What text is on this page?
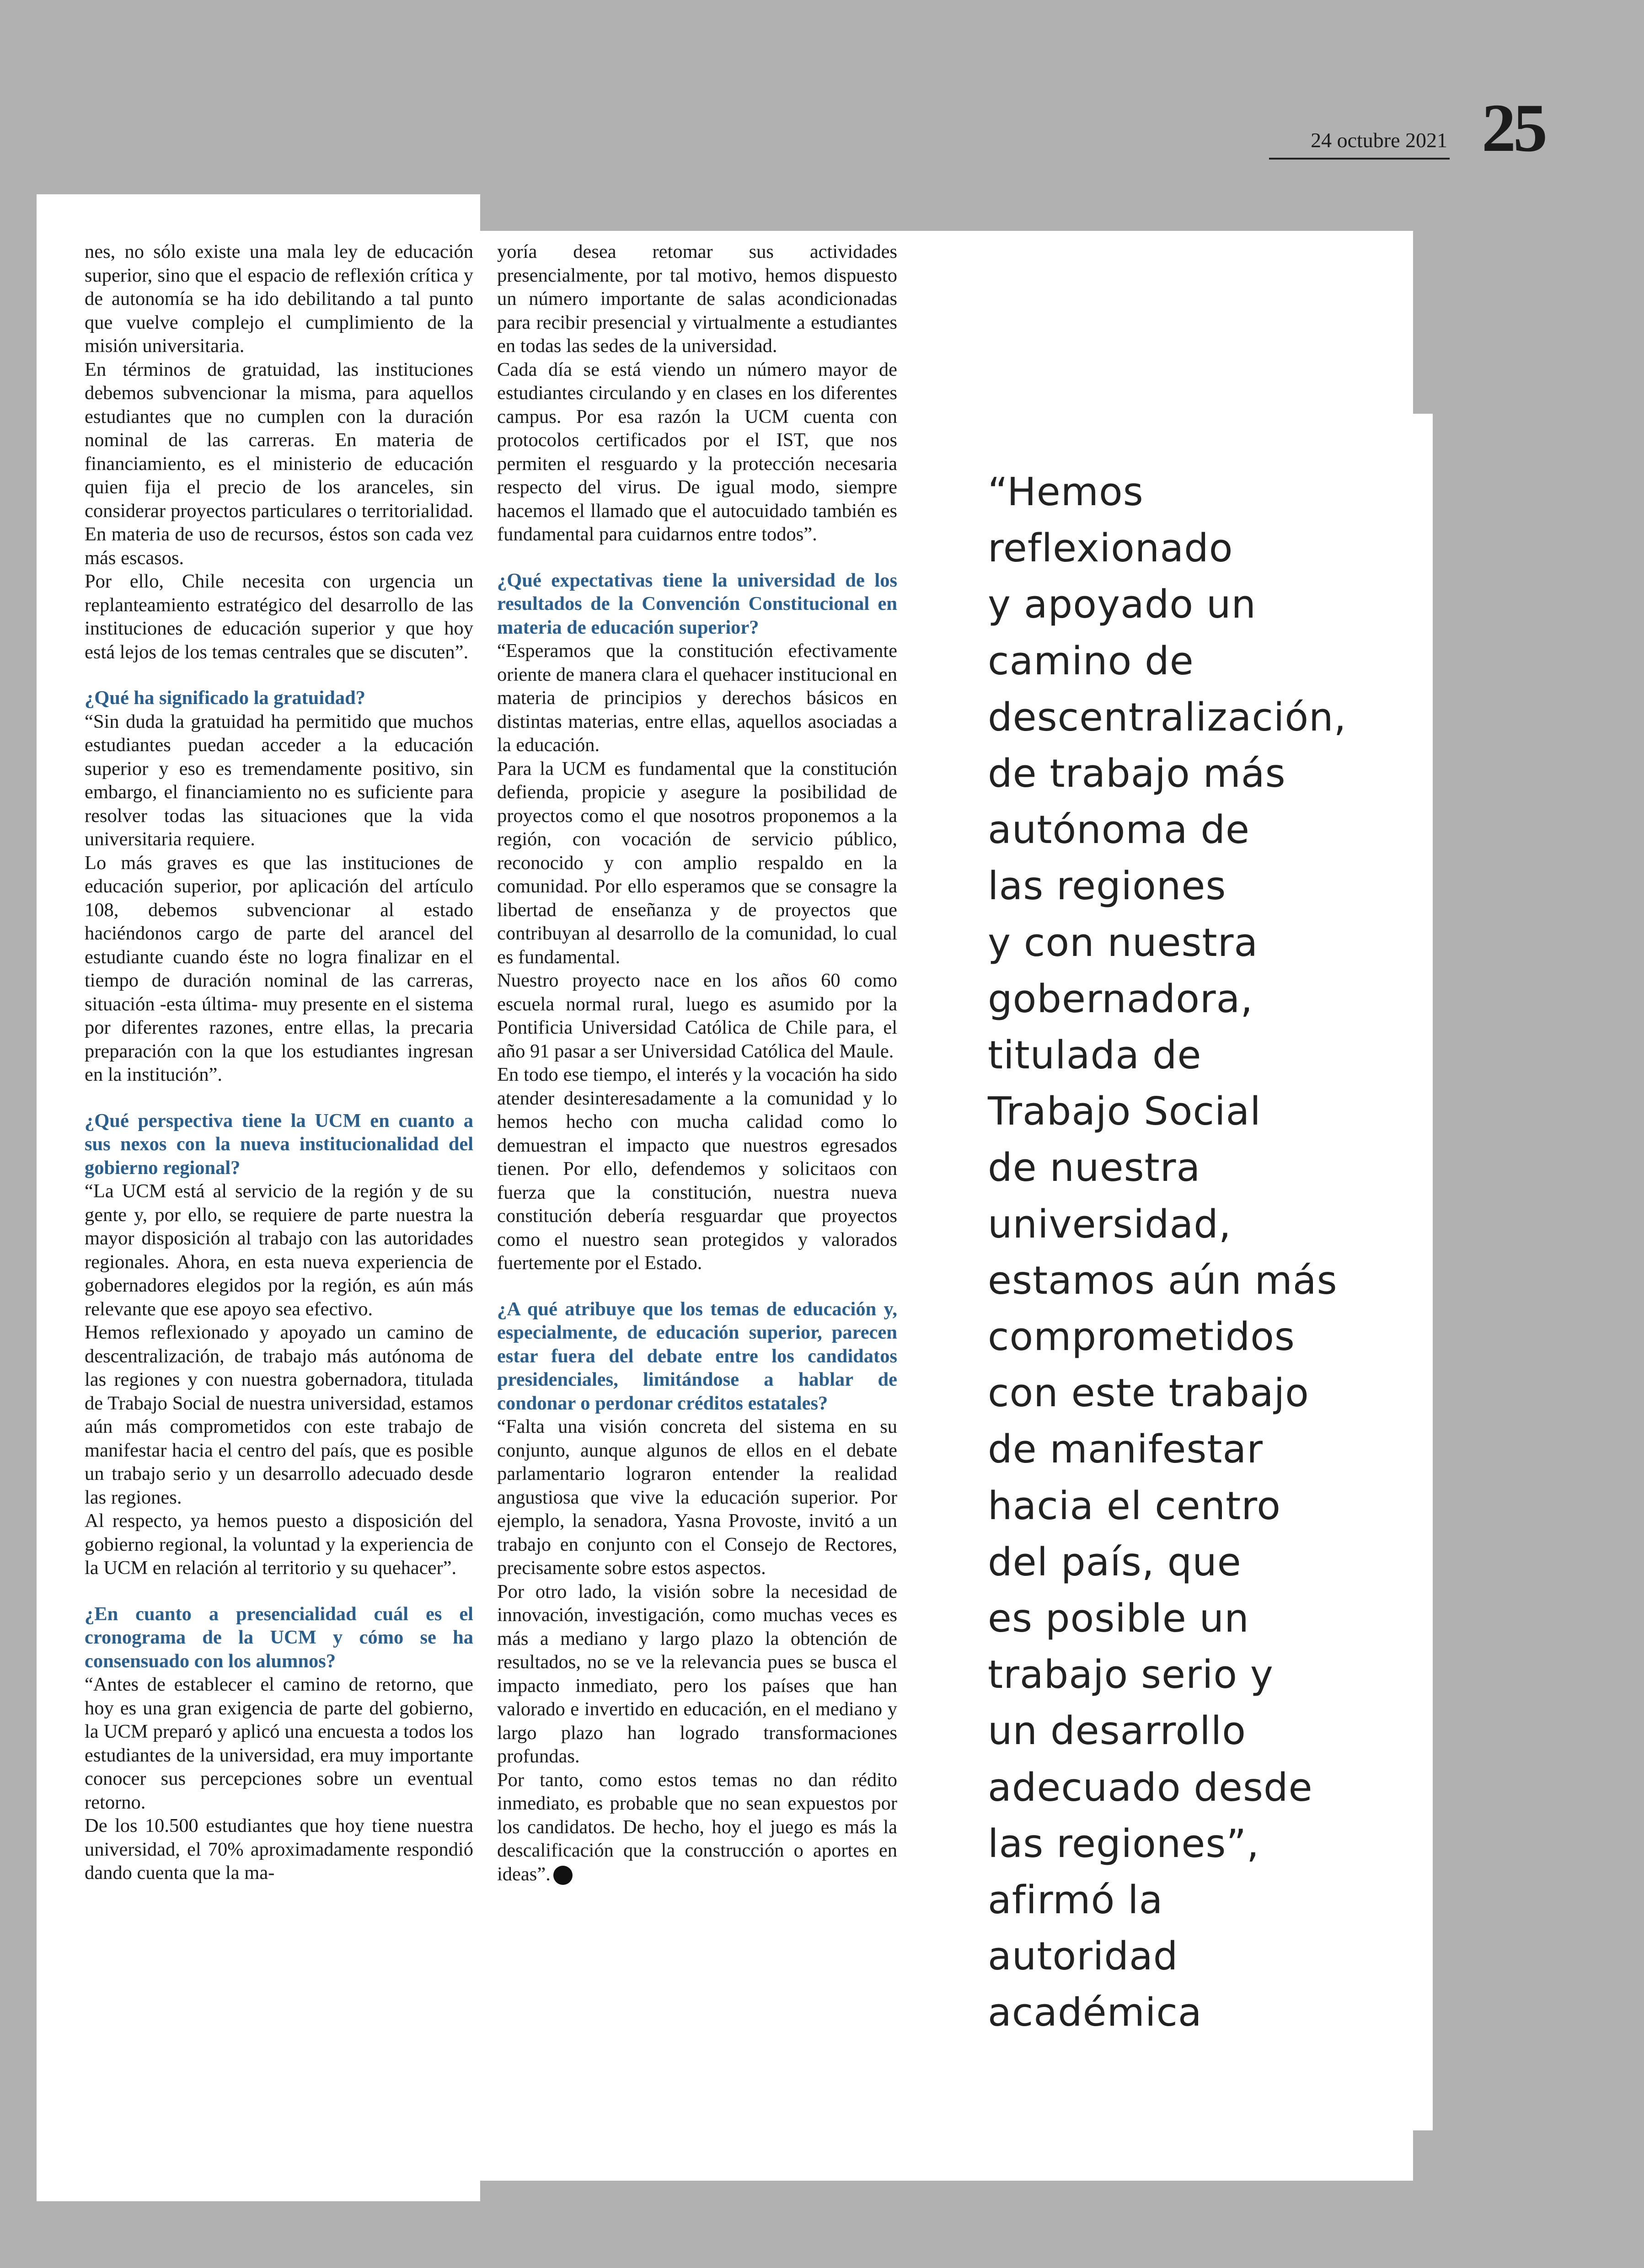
24 octubre 2021 25

nes, no sólo existe una mala ley de educación superior, sino que el espacio de reflexión crítica y de autonomía se ha ido debilitando a tal punto que vuelve complejo el cumplimiento de la misión universitaria.

En términos de gratuidad, las instituciones debemos subvencionar la misma, para aquellos estudiantes que no cumplen con la duración nominal de las carreras. En materia de financiamiento, es el ministerio de educación quien fija el precio de los aranceles, sin considerar proyectos particulares o territorialidad. En materia de uso de recursos, éstos son cada vez más escasos.

Por ello, Chile necesita con urgencia un replanteamiento estratégico del desarrollo de las instituciones de educación superior y que hoy está lejos de los temas centrales que se discuten”.

¿Qué ha significado la gratuidad?

“Sin duda la gratuidad ha permitido que muchos estudiantes puedan acceder a la educación superior y eso es tremendamente positivo, sin embargo, el financiamiento no es suficiente para resolver todas las situaciones que la vida universitaria requiere.

Lo más graves es que las instituciones de educación superior, por aplicación del artículo 108, debemos subvencionar al estado haciéndonos cargo de parte del arancel del estudiante cuando éste no logra finalizar en el tiempo de duración nominal de las carreras, situación -esta última- muy presente en el sistema por diferentes razones, entre ellas, la precaria preparación con la que los estudiantes ingresan en la institución”.

¿Qué perspectiva tiene la UCM en cuanto a sus nexos con la nueva institucionalidad del gobierno regional?

“La UCM está al servicio de la región y de su gente y, por ello, se requiere de parte nuestra la mayor disposición al trabajo con las autoridades regionales. Ahora, en esta nueva experiencia de gobernadores elegidos por la región, es aún más relevante que ese apoyo sea efectivo.

Hemos reflexionado y apoyado un camino de descentralización, de trabajo más autónoma de las regiones y con nuestra gobernadora, titulada de Trabajo Social de nuestra universidad, estamos aún más comprometidos con este trabajo de manifestar hacia el centro del país, que es posible un trabajo serio y un desarrollo adecuado desde las regiones.

Al respecto, ya hemos puesto a disposición del gobierno regional, la voluntad y la experiencia de la UCM en relación al territorio y su quehacer”.

¿En cuanto a presencialidad cuál es el cronograma de la UCM y cómo se ha consensuado con los alumnos?

“Antes de establecer el camino de retorno, que hoy es una gran exigencia de parte del gobierno, la UCM preparó y aplicó una encuesta a todos los estudiantes de la universidad, era muy importante conocer sus percepciones sobre un eventual retorno.

De los 10.500 estudiantes que hoy tiene nuestra universidad, el 70% aproximadamente respondió dando cuenta que la ma-

yoría desea retomar sus actividades presencialmente, por tal motivo, hemos dispuesto un número importante de salas acondicionadas para recibir presencial y virtualmente a estudiantes en todas las sedes de la universidad.

Cada día se está viendo un número mayor de estudiantes circulando y en clases en los diferentes campus. Por esa razón la UCM cuenta con protocolos certificados por el IST, que nos permiten el resguardo y la protección necesaria respecto del virus. De igual modo, siempre hacemos el llamado que el autocuidado también es fundamental para cuidarnos entre todos”.

¿Qué expectativas tiene la universidad de los resultados de la Convención Constitucional en materia de educación superior?

“Esperamos que la constitución efectivamente oriente de manera clara el quehacer institucional en materia de principios y derechos básicos en distintas materias, entre ellas, aquellos asociadas a la educación.

Para la UCM es fundamental que la constitución defienda, propicie y asegure la posibilidad de proyectos como el que nosotros proponemos a la región, con vocación de servicio público, reconocido y con amplio respaldo en la comunidad. Por ello esperamos que se consagre la libertad de enseñanza y de proyectos que contribuyan al desarrollo de la comunidad, lo cual es fundamental.

Nuestro proyecto nace en los años 60 como escuela normal rural, luego es asumido por la Pontificia Universidad Católica de Chile para, el año 91 pasar a ser Universidad Católica del Maule.

En todo ese tiempo, el interés y la vocación ha sido atender desinteresadamente a la comunidad y lo hemos hecho con mucha calidad como lo demuestran el impacto que nuestros egresados tienen. Por ello, defendemos y solicitaos con fuerza que la constitución, nuestra nueva constitución debería resguardar que proyectos como el nuestro sean protegidos y valorados fuertemente por el Estado.

¿A qué atribuye que los temas de educación y, especialmente, de educación superior, parecen estar fuera del debate entre los candidatos presidenciales, limitándose a hablar de condonar o perdonar créditos estatales?

“Falta una visión concreta del sistema en su conjunto, aunque algunos de ellos en el debate parlamentario lograron entender la realidad angustiosa que vive la educación superior. Por ejemplo, la senadora, Yasna Provoste, invitó a un trabajo en conjunto con el Consejo de Rectores, precisamente sobre estos aspectos.

Por otro lado, la visión sobre la necesidad de innovación, investigación, como muchas veces es más a mediano y largo plazo la obtención de resultados, no se ve la relevancia pues se busca el impacto inmediato, pero los países que han valorado e invertido en educación, en el mediano y largo plazo han logrado transformaciones profundas.

Por tanto, como estos temas no dan rédito inmediato, es probable que no sean expuestos por los candidatos. De hecho, hoy el juego es más la descalificación que la construcción o aportes en ideas”.

“Hemos

reflexionado

y apoyado un

camino de

descentralización,

de trabajo más

autónoma de

las regiones

y con nuestra

gobernadora,

titulada de

Trabajo Social

de nuestra

universidad,

estamos aún más

comprometidos

con este trabajo

de manifestar

hacia el centro

del país, que

es posible un

trabajo serio y

un desarrollo

adecuado desde

las regiones”,

afirmó la

autoridad

académica
